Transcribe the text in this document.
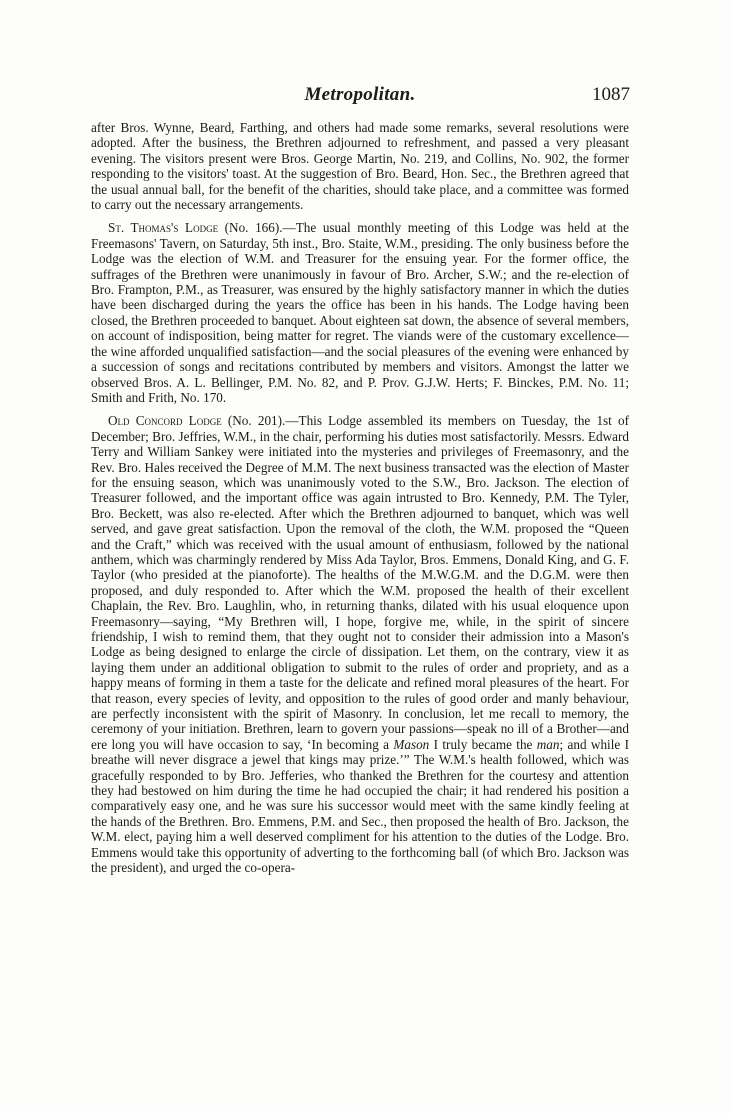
Metropolitan.	1087

after Bros. Wynne, Beard, Farthing, and others had made some remarks, several resolutions were adopted. After the business, the Brethren adjourned to refreshment, and passed a very pleasant evening. The visitors present were Bros. George Martin, No. 219, and Collins, No. 902, the former responding to the visitors' toast. At the suggestion of Bro. Beard, Hon. Sec., the Brethren agreed that the usual annual ball, for the benefit of the charities, should take place, and a committee was formed to carry out the necessary arrangements.

St. Thomas's Lodge (No. 166).—The usual monthly meeting of this Lodge was held at the Freemasons' Tavern, on Saturday, 5th inst., Bro. Staite, W.M., presiding. The only business before the Lodge was the election of W.M. and Treasurer for the ensuing year. For the former office, the suffrages of the Brethren were unanimously in favour of Bro. Archer, S.W.; and the re-election of Bro. Frampton, P.M., as Treasurer, was ensured by the highly satisfactory manner in which the duties have been discharged during the years the office has been in his hands. The Lodge having been closed, the Brethren proceeded to banquet. About eighteen sat down, the absence of several members, on account of indisposition, being matter for regret. The viands were of the customary excellence—the wine afforded unqualified satisfaction—and the social pleasures of the evening were enhanced by a succession of songs and recitations contributed by members and visitors. Amongst the latter we observed Bros. A. L. Bellinger, P.M. No. 82, and P. Prov. G.J.W. Herts; F. Binckes, P.M. No. 11; Smith and Frith, No. 170.

Old Concord Lodge (No. 201).—This Lodge assembled its members on Tuesday, the 1st of December; Bro. Jeffries, W.M., in the chair, performing his duties most satisfactorily. Messrs. Edward Terry and William Sankey were initiated into the mysteries and privileges of Freemasonry, and the Rev. Bro. Hales received the Degree of M.M. The next business transacted was the election of Master for the ensuing season, which was unanimously voted to the S.W., Bro. Jackson. The election of Treasurer followed, and the important office was again intrusted to Bro. Kennedy, P.M. The Tyler, Bro. Beckett, was also re-elected. After which the Brethren adjourned to banquet, which was well served, and gave great satisfaction. Upon the removal of the cloth, the W.M. proposed the “Queen and the Craft,” which was received with the usual amount of enthusiasm, followed by the national anthem, which was charmingly rendered by Miss Ada Taylor, Bros. Emmens, Donald King, and G. F. Taylor (who presided at the pianoforte). The healths of the M.W.G.M. and the D.G.M. were then proposed, and duly responded to. After which the W.M. proposed the health of their excellent Chaplain, the Rev. Bro. Laughlin, who, in returning thanks, dilated with his usual eloquence upon Freemasonry—saying, “My Brethren will, I hope, forgive me, while, in the spirit of sincere friendship, I wish to remind them, that they ought not to consider their admission into a Mason's Lodge as being designed to enlarge the circle of dissipation. Let them, on the contrary, view it as laying them under an additional obligation to submit to the rules of order and propriety, and as a happy means of forming in them a taste for the delicate and refined moral pleasures of the heart. For that reason, every species of levity, and opposition to the rules of good order and manly behaviour, are perfectly inconsistent with the spirit of Masonry. In conclusion, let me recall to memory, the ceremony of your initiation. Brethren, learn to govern your passions—speak no ill of a Brother—and ere long you will have occasion to say, ‘In becoming a Mason I truly became the man; and while I breathe will never disgrace a jewel that kings may prize.’” The W.M.'s health followed, which was gracefully responded to by Bro. Jefferies, who thanked the Brethren for the courtesy and attention they had bestowed on him during the time he had occupied the chair; it had rendered his position a comparatively easy one, and he was sure his successor would meet with the same kindly feeling at the hands of the Brethren. Bro. Emmens, P.M. and Sec., then proposed the health of Bro. Jackson, the W.M. elect, paying him a well deserved compliment for his attention to the duties of the Lodge. Bro. Emmens would take this opportunity of adverting to the forthcoming ball (of which Bro. Jackson was the president), and urged the co-opera-
